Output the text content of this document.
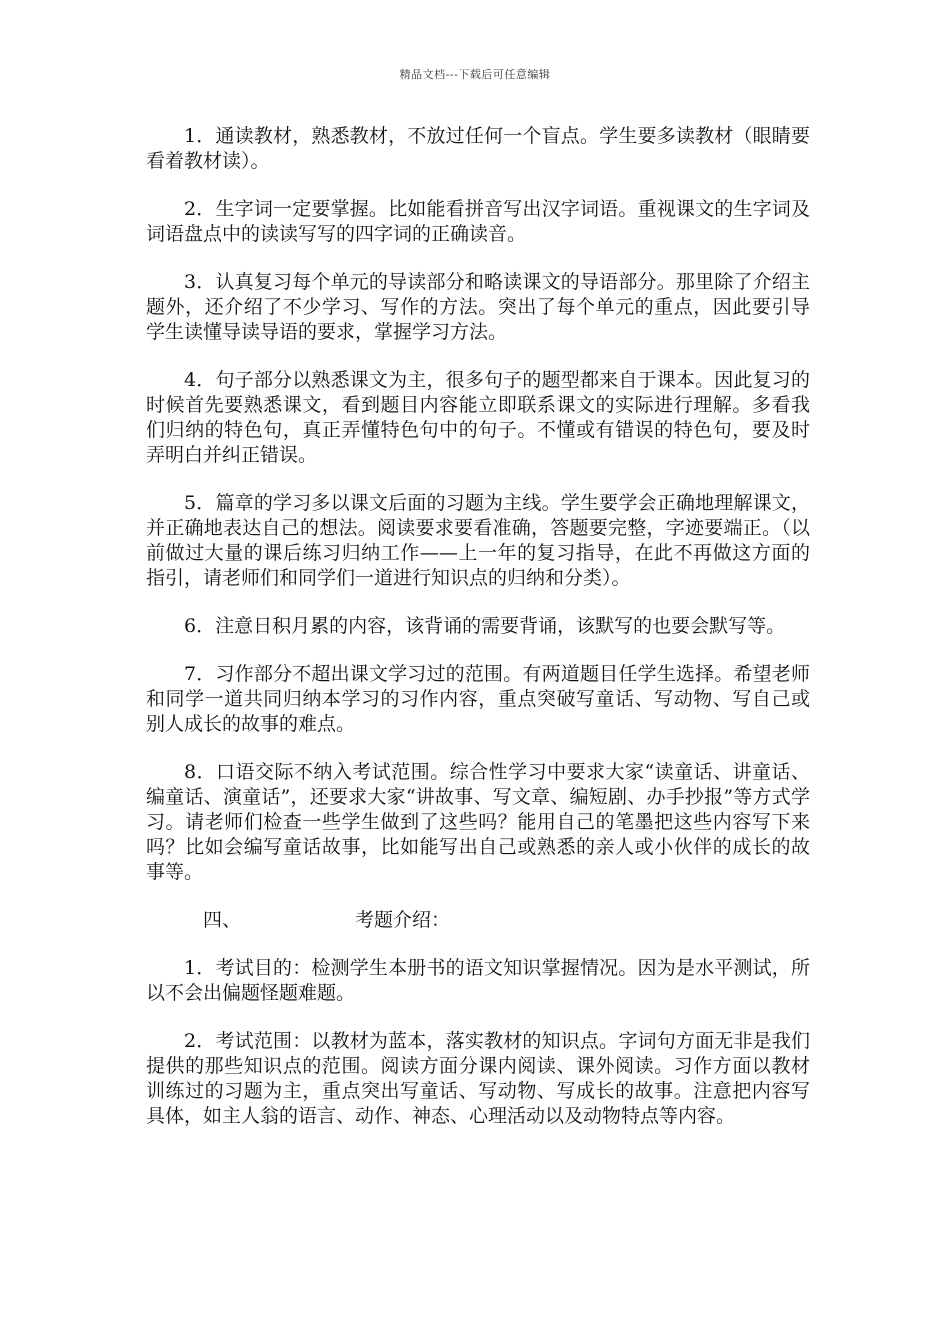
精品文档---下载后可任意编辑

1．通读教材，熟悉教材，不放过任何一个盲点。学生要多读教材（眼睛要看着教材读）。

2．生字词一定要掌握。比如能看拼音写出汉字词语。重视课文的生字词及词语盘点中的读读写写的四字词的正确读音。

3．认真复习每个单元的导读部分和略读课文的导语部分。那里除了介绍主题外，还介绍了不少学习、写作的方法。突出了每个单元的重点，因此要引导学生读懂导读导语的要求，掌握学习方法。

4．句子部分以熟悉课文为主，很多句子的题型都来自于课本。因此复习的时候首先要熟悉课文，看到题目内容能立即联系课文的实际进行理解。多看我们归纳的特色句，真正弄懂特色句中的句子。不懂或有错误的特色句，要及时弄明白并纠正错误。

5．篇章的学习多以课文后面的习题为主线。学生要学会正确地理解课文，并正确地表达自己的想法。阅读要求要看准确，答题要完整，字迹要端正。（以前做过大量的课后练习归纳工作——上一年的复习指导，在此不再做这方面的指引，请老师们和同学们一道进行知识点的归纳和分类）。

6．注意日积月累的内容，该背诵的需要背诵，该默写的也要会默写等。

7．习作部分不超出课文学习过的范围。有两道题目任学生选择。希望老师和同学一道共同归纳本学习的习作内容，重点突破写童话、写动物、写自己或别人成长的故事的难点。

8．口语交际不纳入考试范围。综合性学习中要求大家“读童话、讲童话、编童话、演童话”，还要求大家“讲故事、写文章、编短剧、办手抄报”等方式学习。请老师们检查一些学生做到了这些吗？能用自己的笔墨把这些内容写下来吗？比如会编写童话故事，比如能写出自己或熟悉的亲人或小伙伴的成长的故事等。

四、	考题介绍：

1．考试目的：检测学生本册书的语文知识掌握情况。因为是水平测试，所以不会出偏题怪题难题。

2．考试范围：以教材为蓝本，落实教材的知识点。字词句方面无非是我们提供的那些知识点的范围。阅读方面分课内阅读、课外阅读。习作方面以教材训练过的习题为主，重点突出写童话、写动物、写成长的故事。注意把内容写具体，如主人翁的语言、动作、神态、心理活动以及动物特点等内容。
